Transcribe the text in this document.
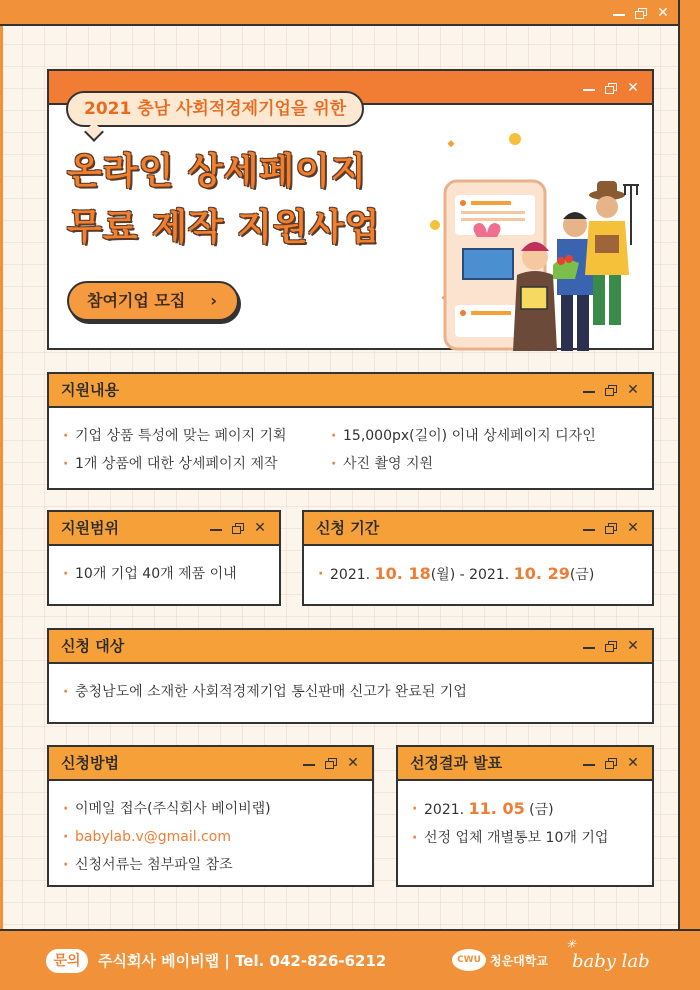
✕
2021 충남 사회적경제기업을 위한
✕
온라인 상세페이지
무료 제작 지원사업
참여기업 모집 ›
지원내용	✕
· 기업 상품 특성에 맞는 페이지 기획
· 1개 상품에 대한 상세페이지 제작
· 15,000px(길이) 이내 상세페이지 디자인
· 사진 촬영 지원
지원범위	✕
· 10개 기업 40개 제품 이내
신청 기간	✕
· 2021. 10. 18(월) - 2021. 10. 29(금)
신청 대상	✕
· 충청남도에 소재한 사회적경제기업 통신판매 신고가 완료된 기업
신청방법	✕
· 이메일 접수(주식회사 베이비랩)
· babylab.v@gmail.com
· 신청서류는 첨부파일 참조
선정결과 발표	✕
· 2021. 11. 05 (금)
· 선정 업체 개별통보 10개 기업
문의	주식회사 베이비랩 | Tel. 042-826-6212	CWU 청운대학교
✳
baby lab
